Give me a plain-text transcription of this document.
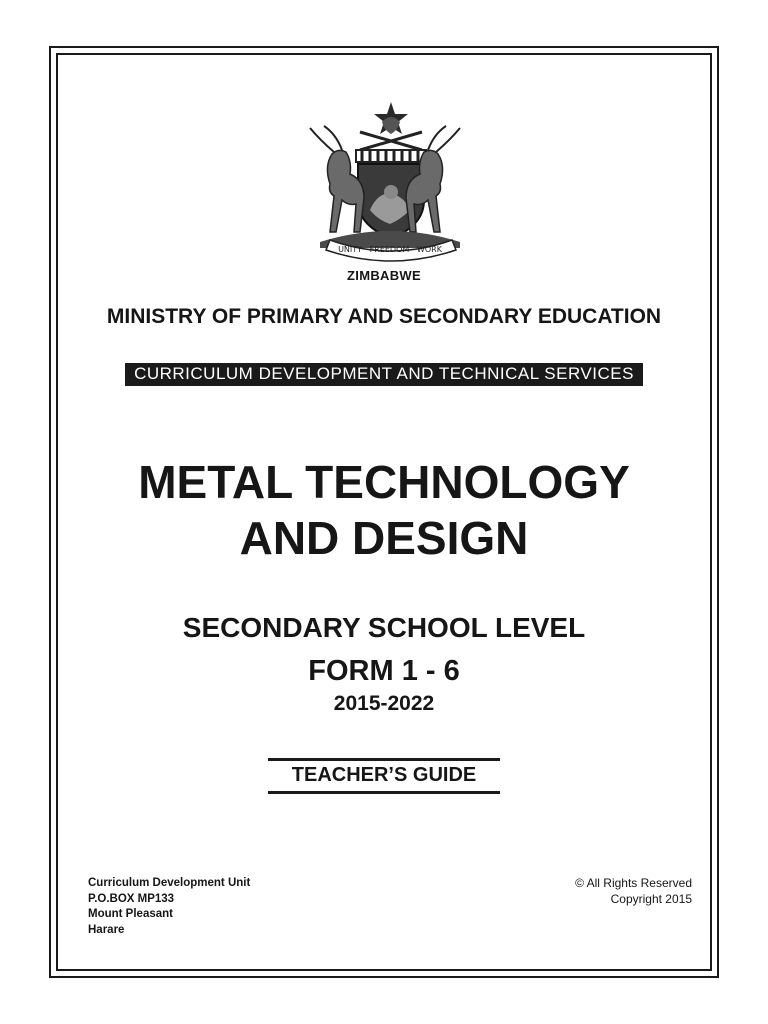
UNITY · FREEDOM · WORK
ZIMBABWE
MINISTRY OF PRIMARY AND SECONDARY EDUCATION
CURRICULUM DEVELOPMENT AND TECHNICAL SERVICES
METAL TECHNOLOGY
AND DESIGN
SECONDARY SCHOOL LEVEL
FORM 1 - 6
2015-2022
TEACHER’S GUIDE
Curriculum Development Unit
P.O.BOX MP133
Mount Pleasant
Harare
© All Rights Reserved
Copyright 2015
